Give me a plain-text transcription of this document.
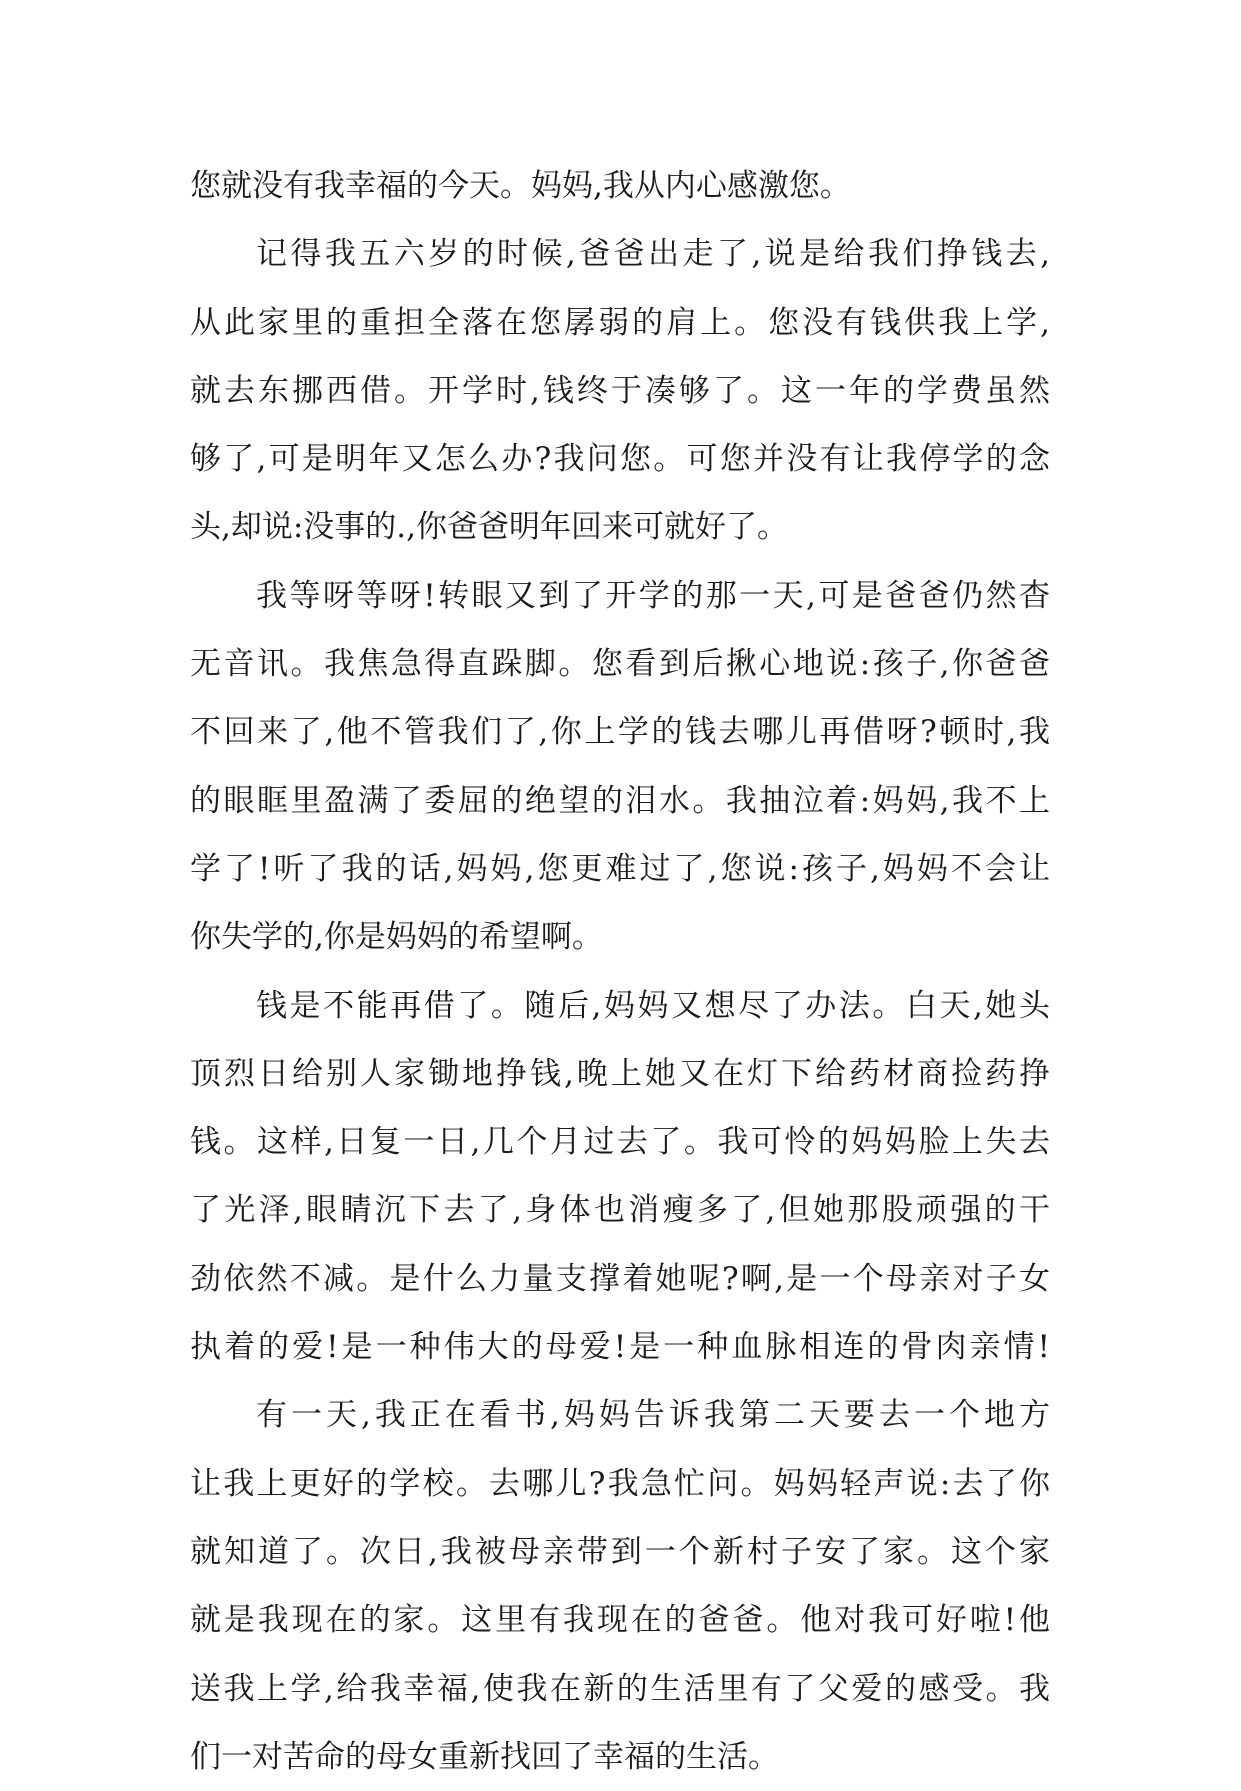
您就没有我幸福的今天。妈妈,我从内心感激您。
记得我五六岁的时候,爸爸出走了,说是给我们挣钱去,
从此家里的重担全落在您孱弱的肩上。您没有钱供我上学,
就去东挪西借。开学时,钱终于凑够了。这一年的学费虽然
够了,可是明年又怎么办?我问您。可您并没有让我停学的念
头,却说:没事的.,你爸爸明年回来可就好了。
我等呀等呀!转眼又到了开学的那一天,可是爸爸仍然杳
无音讯。我焦急得直跺脚。您看到后揪心地说:孩子,你爸爸
不回来了,他不管我们了,你上学的钱去哪儿再借呀?顿时,我
的眼眶里盈满了委屈的绝望的泪水。我抽泣着:妈妈,我不上
学了!听了我的话,妈妈,您更难过了,您说:孩子,妈妈不会让
你失学的,你是妈妈的希望啊。
钱是不能再借了。随后,妈妈又想尽了办法。白天,她头
顶烈日给别人家锄地挣钱,晚上她又在灯下给药材商捡药挣
钱。这样,日复一日,几个月过去了。我可怜的妈妈脸上失去
了光泽,眼睛沉下去了,身体也消瘦多了,但她那股顽强的干
劲依然不减。是什么力量支撑着她呢?啊,是一个母亲对子女
执着的爱!是一种伟大的母爱!是一种血脉相连的骨肉亲情!
有一天,我正在看书,妈妈告诉我第二天要去一个地方
让我上更好的学校。去哪儿?我急忙问。妈妈轻声说:去了你
就知道了。次日,我被母亲带到一个新村子安了家。这个家
就是我现在的家。这里有我现在的爸爸。他对我可好啦!他
送我上学,给我幸福,使我在新的生活里有了父爱的感受。我
们一对苦命的母女重新找回了幸福的生活。
